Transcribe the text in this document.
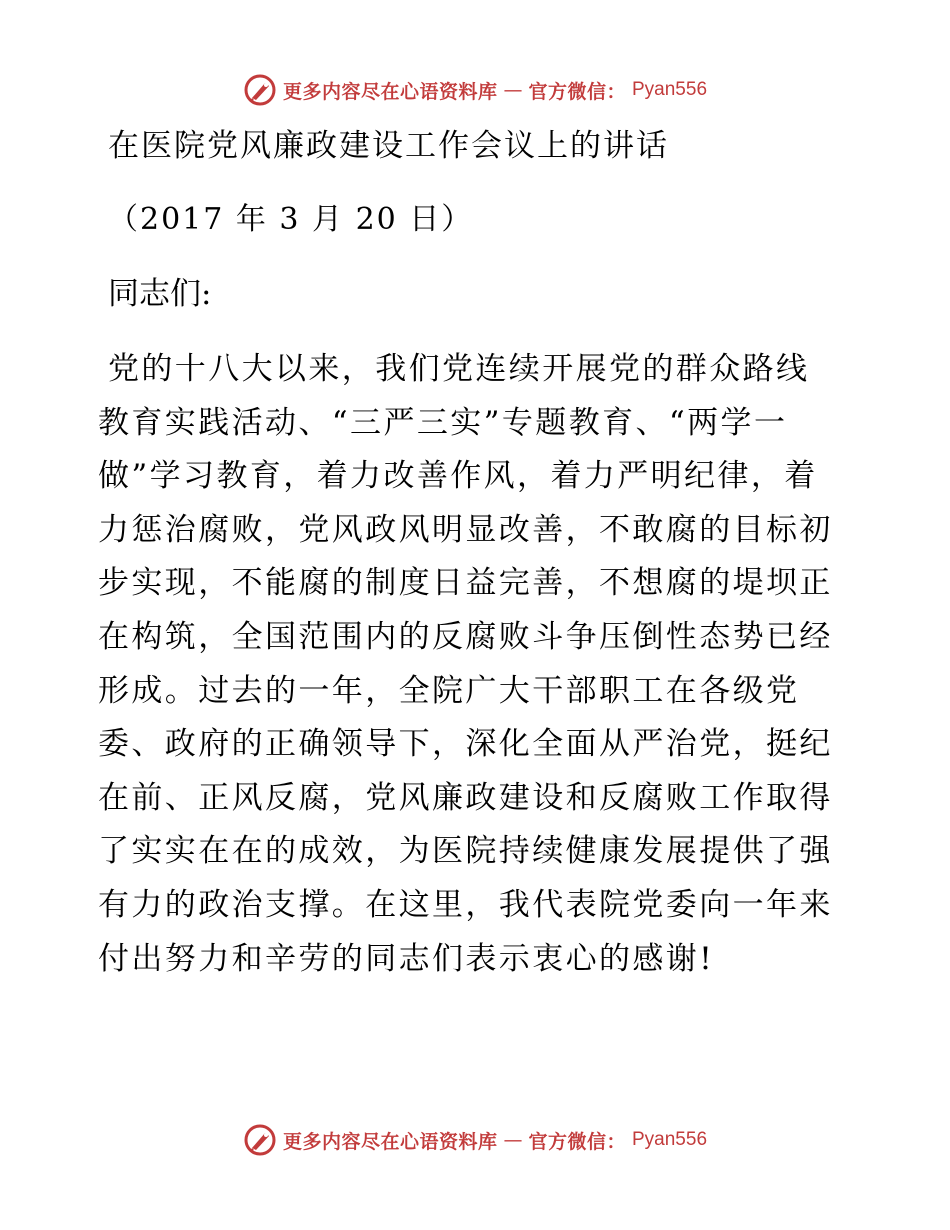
更多内容尽在心语资料库 — 官方微信： Pyan556
在医院党风廉政建设工作会议上的讲话
（2017 年 3 月 20 日）
同志们:

党的十八大以来，我们党连续开展党的群众路线
教育实践活动、“三严三实”专题教育、“两学一
做”学习教育，着力改善作风，着力严明纪律，着
力惩治腐败，党风政风明显改善，不敢腐的目标初
步实现，不能腐的制度日益完善，不想腐的堤坝正
在构筑，全国范围内的反腐败斗争压倒性态势已经
形成。过去的一年，全院广大干部职工在各级党
委、政府的正确领导下，深化全面从严治党，挺纪
在前、正风反腐，党风廉政建设和反腐败工作取得
了实实在在的成效，为医院持续健康发展提供了强
有力的政治支撑。在这里，我代表院党委向一年来
付出努力和辛劳的同志们表示衷心的感谢!

更多内容尽在心语资料库 — 官方微信： Pyan556
